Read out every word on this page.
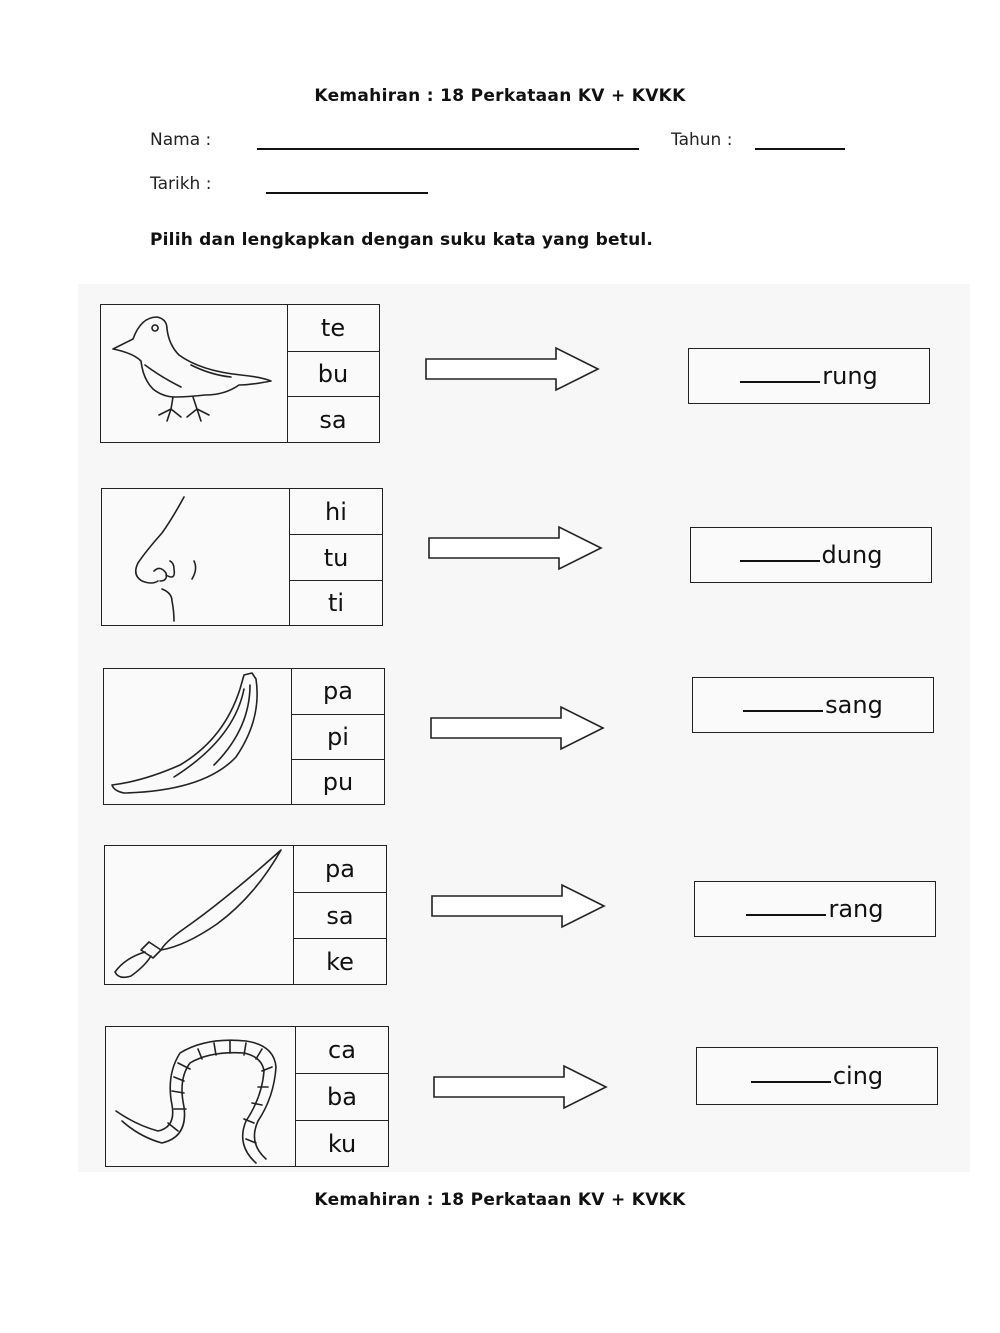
Kemahiran : 18 Perkataan KV + KVKK
Nama :	Tahun :
Tarikh :
Pilih dan lengkapkan dengan suku kata yang betul.
te
bu
sa
rung
hi
tu
ti
dung
pa
pi
pu
sang
pa
sa
ke
rang
ca
ba
ku
cing
Kemahiran : 18 Perkataan KV + KVKK
